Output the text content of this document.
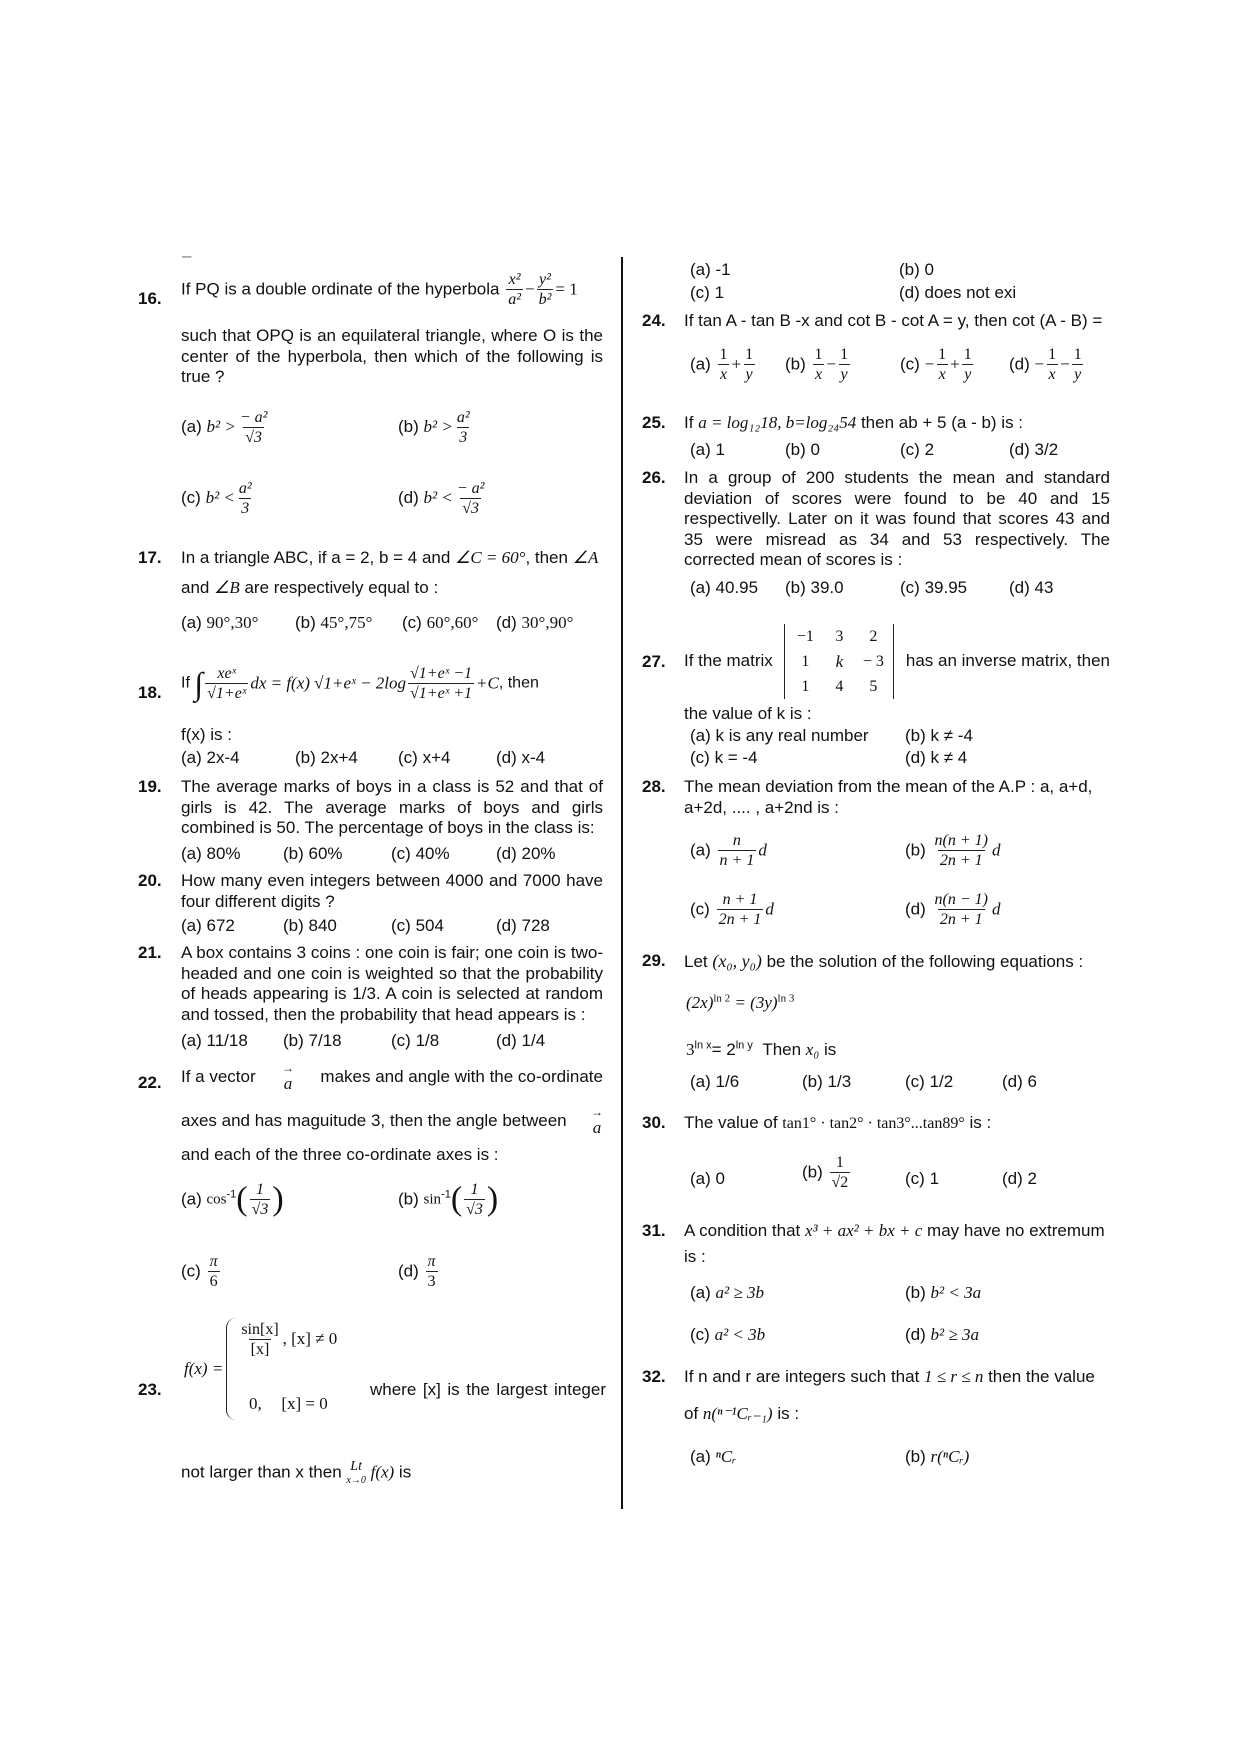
–
16.
If PQ is a double ordinate of the hyperbola $\frac{\text{x²}}{\text{a²}} - \frac{\text{y²}}{\text{b²}} = 1$
such that OPQ is an equilateral triangle, where O is the center of the hyperbola, then which of the following is true ?
(a) $b^2 > \frac{\text{− a²}}{√3}$	(b) $b^2 > \frac{\text{a²}}{3}$
(c) $b^2 < \frac{\text{a²}}{3}$	(d) $b^2 < \frac{\text{− a²}}{√3}$
17. In a triangle ABC, if a = 2, b = 4 and ∠C = 60°, then ∠A
and ∠B are respectively equal to :
(a) 90°,30° (b) 45°,75° (c) 60°,60° (d) 30°,90°
18.
If ∫ $\frac{\text{xeˣ}}{\text{√1+eˣ}}$ dx = f(x) √1+eˣ − $2\log \frac{\text{√1+eˣ −1}}{\text{√1+eˣ +1}} +C$, then
f(x) is :
(a) 2x-4	(b) 2x+4 (c) x+4	(d) x-4
19. The average marks of boys in a class is 52 and that of girls is 42. The average marks of boys and girls combined is 50. The percentage of boys in the class is:
(a) 80% (b) 60%	(c) 40%	(d) 20%
20. How many even integers between 4000 and 7000 have four different digits ?
(a) 672	(b) 840	(c) 504	(d) 728
21. A box contains 3 coins : one coin is fair; one coin is two-headed and one coin is weighted so that the probability of heads appearing is 1/3. A coin is selected at random and tossed, then the probability that head appears is :
(a) 11/18 (b) 7/18	(c) 1/8	(d) 1/4
22. If a vector →
a makes and angle with the co-ordinate
axes and has maguitude 3, then the angle between →
a
and each of the three co-ordinate axes is :
(a) $\cos^{-1}( \frac{1}{√3}$ )	(b) $\sin^{-1}( \frac{1}{√3}$ )
$(c) \frac{\pi}{6}$	$(d) \frac{\pi}{3}$
23.
f(x) =
$\frac{\sin[x]}{[x]}$ , [x] ≠ 0
0, [x] = 0
where [x] is the largest integer
not larger than x then Lt
x→0 f(x) is
(a) -1	(b) 0
(c) 1	(d) does not exi
24. If tan A - tan B -x and cot B - cot A = y, then cot (A - B) =
$(a) \frac{1}{x} + \frac{1}{y} (b) \frac{1}{x} - \frac{1}{y}$	$(c) - \frac{1}{x} + \frac{1}{y} (d) - \frac{1}{x} - \frac{1}{y}$
25. If a = log₁₂18, b=log₂₄54 then ab + 5 (a - b) is :
(a) 1	(b) 0	(c) 2	(d) 3/2
26. In a group of 200 students the mean and standard deviation of scores were found to be 40 and 15 respectivelly. Later on it was found that scores 43 and 35 were misread as 34 and 53 respectively. The corrected mean of scores is :
(a) 40.95 (b) 39.0	(c) 39.95 (d) 43
27. If the matrix
−1	3	2
1	k	− 3
1	4	5
has an inverse matrix, then
the value of k is :
(a) k is any real number (b) k ≠ -4
(c) k = -4	(d) k ≠ 4
28. The mean deviation from the mean of the A.P : a, a+d, a+2d, .... , a+2nd is :
$(a) \frac{n}{n + 1}$ d	$(b) \frac{n(n + 1)}{2n + 1}$ d
$(c) \frac{n + 1}{2n + 1}$ d	$(d) \frac{n(n - 1)}{2n + 1}$ d
29. Let (x₀, y₀) be the solution of the following equations :
$(2x)^{ln 2} = (3y)^{ln 3}$
$3^{ln x}= 2^{ln y}$ Then x₀ is
(a) 1/6	(b) 1/3	(c) 1/2	(d) 6
30. The value of tan1° · tan2° · tan3°...tan89° is :
(a) 0	$(b) \frac{1}{√2}$	(c) 1	(d) 2
31. A condition that x³ + ax² + bx + c may have no extremum
is :
(a) a² ≥ 3b	(b) b² < 3a
(c) a² < 3b	(d) b² ≥ 3a
32. If n and r are integers such that 1 ≤ r ≤ n then the value
of n(ⁿ⁻¹Cᵣ₋₁) is :
(a) ⁿCᵣ	(b) r(ⁿCᵣ)
